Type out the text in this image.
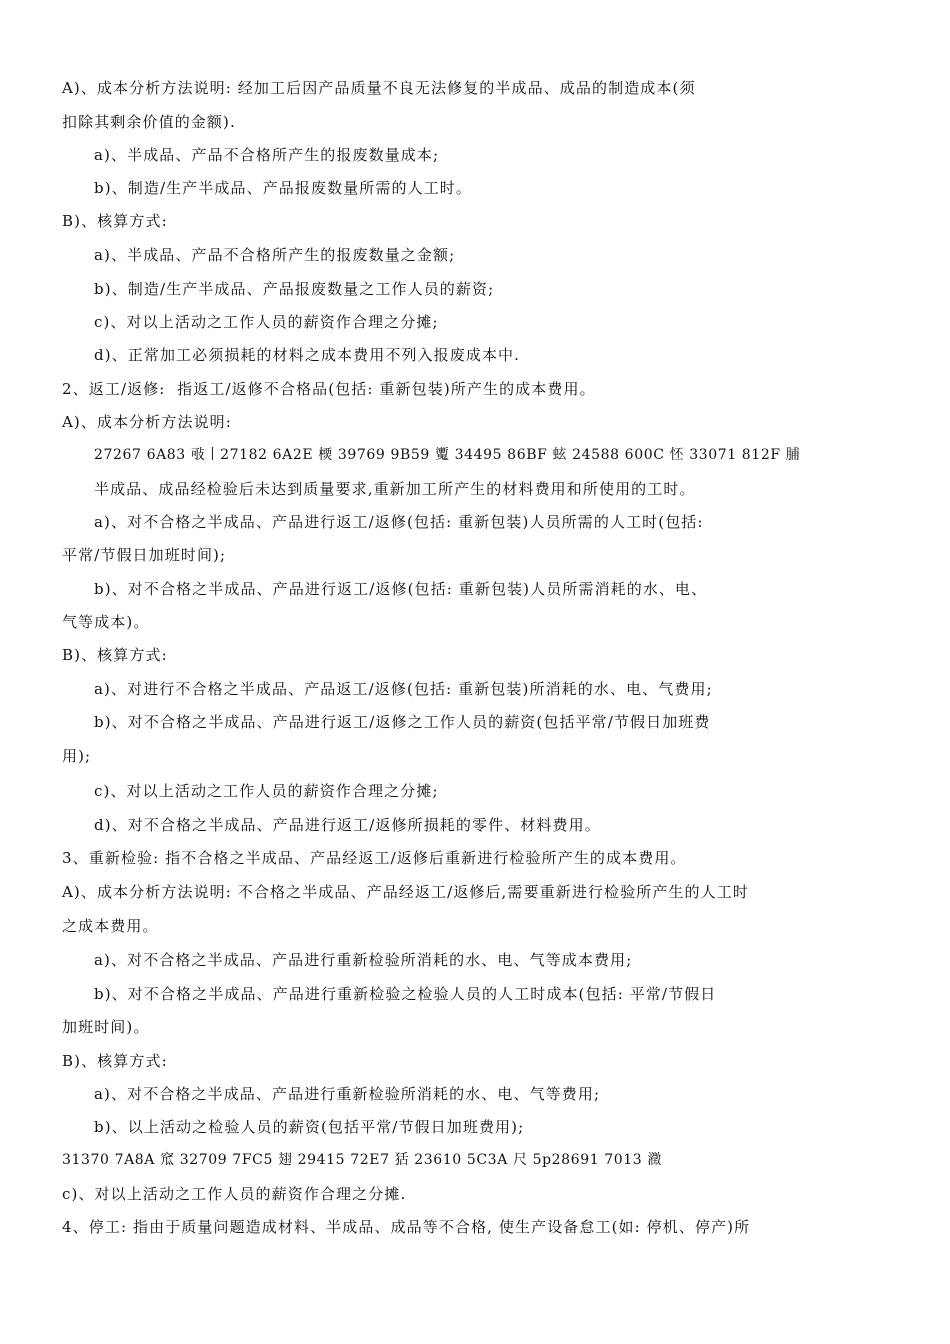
A)、成本分析方法说明: 经加工后因产品质量不良无法修复的半成品、成品的制造成本(须
扣除其剩余价值的金额).
a)、半成品、产品不合格所产生的报废数量成本;
b)、制造/生产半成品、产品报废数量所需的人工时。
B)、核算方式:
a)、半成品、产品不合格所产生的报废数量之金额;
b)、制造/生产半成品、产品报废数量之工作人员的薪资;
c)、对以上活动之工作人员的薪资作合理之分摊;
d)、正常加工必须损耗的材料之成本费用不列入报废成本中.
2、返工/返修:  指返工/返修不合格品(包括: 重新包装)所产生的成本费用。
A)、成本分析方法说明:
27267 6A83 㪃丨27182 6A2E 樮 39769 9B59 魙 34495 86BF 蚿 24588 600C 怌 33071 812F 脯
半成品、成品经检验后未达到质量要求,重新加工所产生的材料费用和所使用的工时。
a)、对不合格之半成品、产品进行返工/返修(包括: 重新包装)人员所需的人工时(包括:
平常/节假日加班时间);
b)、对不合格之半成品、产品进行返工/返修(包括: 重新包装)人员所需消耗的水、电、
气等成本)。
B)、核算方式:
a)、对进行不合格之半成品、产品返工/返修(包括: 重新包装)所消耗的水、电、气费用;
b)、对不合格之半成品、产品进行返工/返修之工作人员的薪资(包括平常/节假日加班费
用);
c)、对以上活动之工作人员的薪资作合理之分摊;
d)、对不合格之半成品、产品进行返工/返修所损耗的零件、材料费用。
3、重新检验: 指不合格之半成品、产品经返工/返修后重新进行检验所产生的成本费用。
A)、成本分析方法说明: 不合格之半成品、产品经返工/返修后,需要重新进行检验所产生的人工时
之成本费用。
a)、对不合格之半成品、产品进行重新检验所消耗的水、电、气等成本费用;
b)、对不合格之半成品、产品进行重新检验之检验人员的人工时成本(包括: 平常/节假日
加班时间)。
B)、核算方式:
a)、对不合格之半成品、产品进行重新检验所消耗的水、电、气等费用;
b)、以上活动之检验人员的薪资(包括平常/节假日加班费用);
31370 7A8A 窊 32709 7FC5 翅 29415 72E7 狧 23610 5C3A 尺 5p28691 7013 瀓
c)、对以上活动之工作人员的薪资作合理之分摊.
4、停工: 指由于质量问题造成材料、半成品、成品等不合格, 使生产设备怠工(如: 停机、停产)所
